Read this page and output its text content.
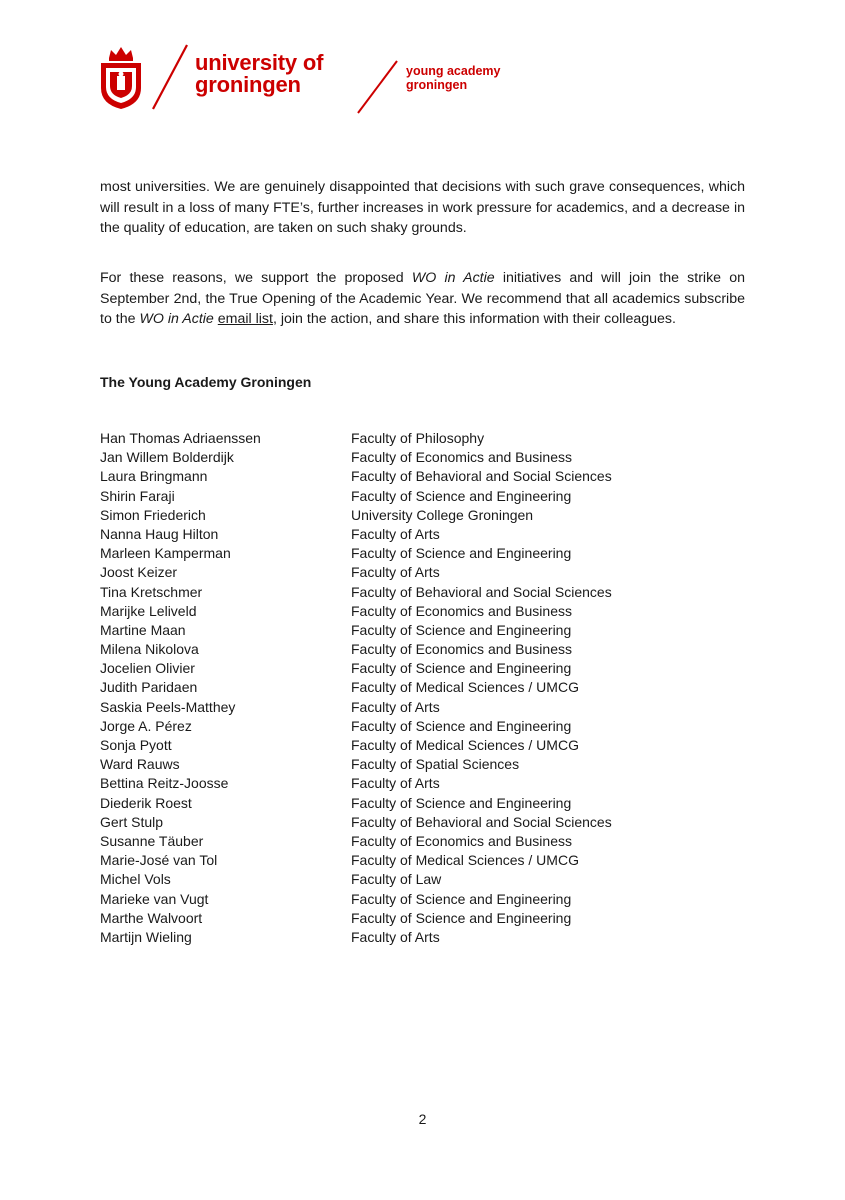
university of
groningen
young academy
groningen

most universities. We are genuinely disappointed that decisions with such grave consequences, which will result in a loss of many FTE’s, further increases in work pressure for academics, and a decrease in the quality of education, are taken on such shaky grounds.

For these reasons, we support the proposed WO in Actie initiatives and will join the strike on September 2nd, the True Opening of the Academic Year. We recommend that all academics subscribe to the WO in Actie email list, join the action, and share this information with their colleagues.

The Young Academy Groningen

Han Thomas Adriaenssen	Faculty of Philosophy
Jan Willem Bolderdijk	Faculty of Economics and Business
Laura Bringmann	Faculty of Behavioral and Social Sciences
Shirin Faraji	Faculty of Science and Engineering
Simon Friederich	University College Groningen
Nanna Haug Hilton	Faculty of Arts
Marleen Kamperman	Faculty of Science and Engineering
Joost Keizer	Faculty of Arts
Tina Kretschmer	Faculty of Behavioral and Social Sciences
Marijke Leliveld	Faculty of Economics and Business
Martine Maan	Faculty of Science and Engineering
Milena Nikolova	Faculty of Economics and Business
Jocelien Olivier	Faculty of Science and Engineering
Judith Paridaen	Faculty of Medical Sciences / UMCG
Saskia Peels-Matthey	Faculty of Arts
Jorge A. Pérez	Faculty of Science and Engineering
Sonja Pyott	Faculty of Medical Sciences / UMCG
Ward Rauws	Faculty of Spatial Sciences
Bettina Reitz-Joosse	Faculty of Arts
Diederik Roest	Faculty of Science and Engineering
Gert Stulp	Faculty of Behavioral and Social Sciences
Susanne Täuber	Faculty of Economics and Business
Marie-José van Tol	Faculty of Medical Sciences / UMCG
Michel Vols	Faculty of Law
Marieke van Vugt	Faculty of Science and Engineering
Marthe Walvoort	Faculty of Science and Engineering
Martijn Wieling	Faculty of Arts
2
